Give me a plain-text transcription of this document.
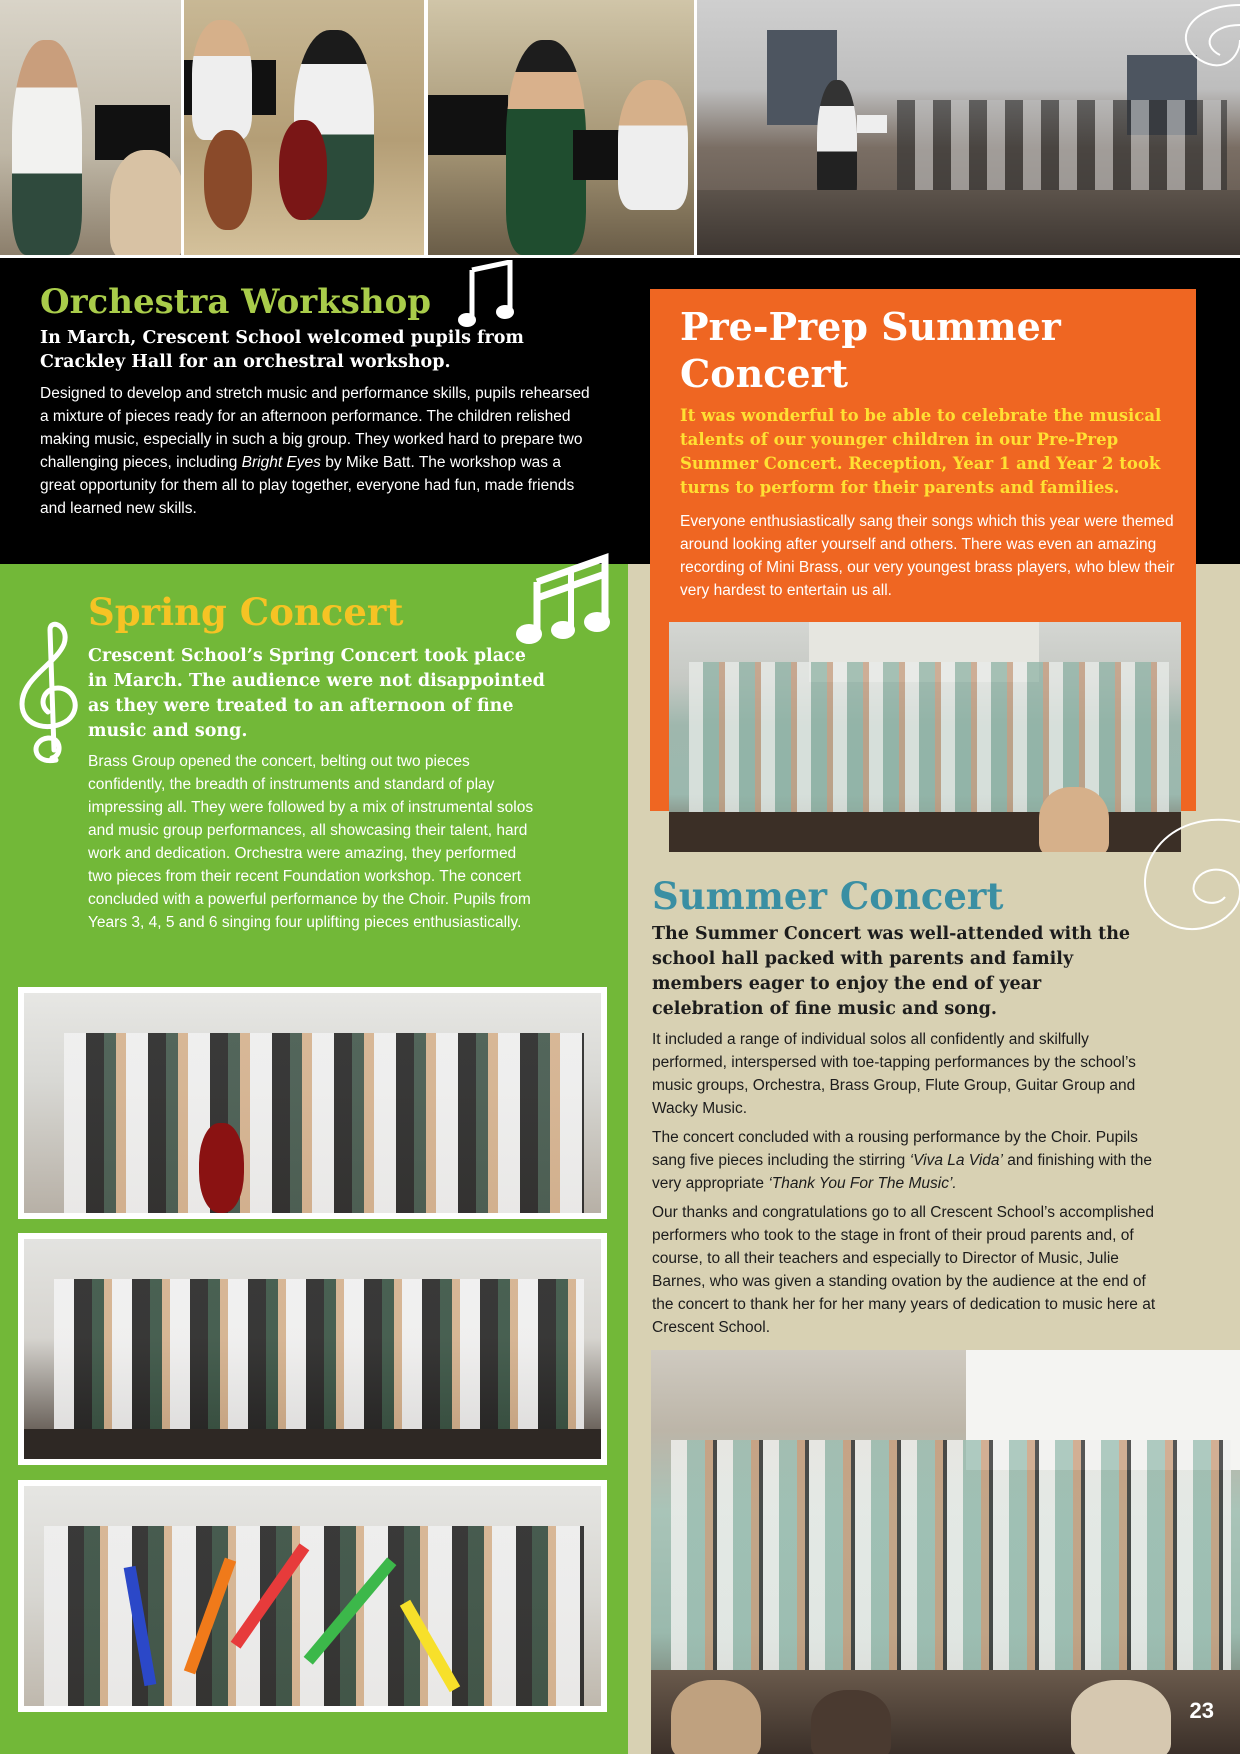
Orchestra Workshop
In March, Crescent School welcomed pupils from Crackley Hall for an orchestral workshop.
Designed to develop and stretch music and performance skills, pupils rehearsed a mixture of pieces ready for an afternoon performance. The children relished making music, especially in such a big group. They worked hard to prepare two challenging pieces, including Bright Eyes by Mike Batt. The workshop was a great opportunity for them all to play together, everyone had fun, made friends and learned new skills.
Pre-Prep Summer
Concert
It was wonderful to be able to celebrate the musical talents of our younger children in our Pre-Prep Summer Concert. Reception, Year 1 and Year 2 took turns to perform for their parents and families.
Everyone enthusiastically sang their songs which this year were themed around looking after yourself and others. There was even an amazing recording of Mini Brass, our very youngest brass players, who blew their very hardest to entertain us all.
Spring Concert
Crescent School’s Spring Concert took place in March. The audience were not disappointed as they were treated to an afternoon of fine music and song.
Brass Group opened the concert, belting out two pieces confidently, the breadth of instruments and standard of play impressing all. They were followed by a mix of instrumental solos and music group performances, all showcasing their talent, hard work and dedication. Orchestra were amazing, they performed two pieces from their recent Foundation workshop. The concert concluded with a powerful performance by the Choir. Pupils from Years 3, 4, 5 and 6 singing four uplifting pieces enthusiastically.
Summer Concert
The Summer Concert was well-attended with the school hall packed with parents and family members eager to enjoy the end of year celebration of fine music and song.

It included a range of individual solos all confidently and skilfully performed, interspersed with toe-tapping performances by the school’s music groups, Orchestra, Brass Group, Flute Group, Guitar Group and Wacky Music.

The concert concluded with a rousing performance by the Choir. Pupils sang five pieces including the stirring ‘Viva La Vida’ and finishing with the very appropriate ‘Thank You For The Music’.

Our thanks and congratulations go to all Crescent School’s accomplished performers who took to the stage in front of their proud parents and, of course, to all their teachers and especially to Director of Music, Julie Barnes, who was given a standing ovation by the audience at the end of the concert to thank her for her many years of dedication to music here at Crescent School.

23
